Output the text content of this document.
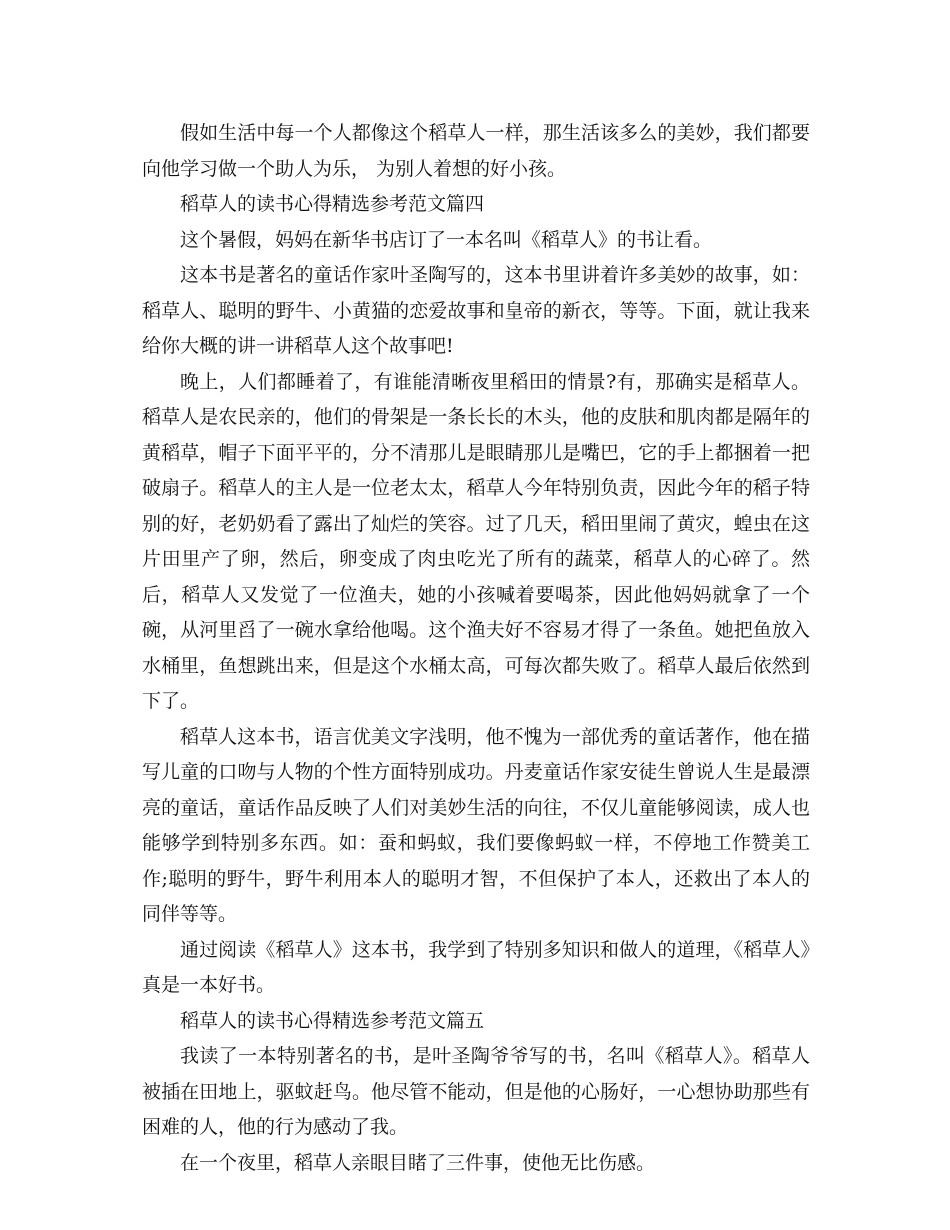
假如生活中每一个人都像这个稻草人一样，那生活该多么的美妙，我们都要向他学习做一个助人为乐， 为别人着想的好小孩。

稻草人的读书心得精选参考范文篇四

这个暑假，妈妈在新华书店订了一本名叫《稻草人》的书让看。

这本书是著名的童话作家叶圣陶写的，这本书里讲着许多美妙的故事，如：稻草人、聪明的野牛、小黄猫的恋爱故事和皇帝的新衣，等等。下面，就让我来给你大概的讲一讲稻草人这个故事吧!

晚上，人们都睡着了，有谁能清晰夜里稻田的情景?有，那确实是稻草人。稻草人是农民亲的，他们的骨架是一条长长的木头，他的皮肤和肌肉都是隔年的黄稻草，帽子下面平平的，分不清那儿是眼睛那儿是嘴巴，它的手上都捆着一把破扇子。稻草人的主人是一位老太太，稻草人今年特别负责，因此今年的稻子特别的好，老奶奶看了露出了灿烂的笑容。过了几天，稻田里闹了黄灾，蝗虫在这片田里产了卵，然后，卵变成了肉虫吃光了所有的蔬菜，稻草人的心碎了。然后，稻草人又发觉了一位渔夫，她的小孩喊着要喝茶，因此他妈妈就拿了一个碗，从河里舀了一碗水拿给他喝。这个渔夫好不容易才得了一条鱼。她把鱼放入水桶里，鱼想跳出来，但是这个水桶太高，可每次都失败了。稻草人最后依然到下了。

稻草人这本书，语言优美文字浅明，他不愧为一部优秀的童话著作，他在描写儿童的口吻与人物的个性方面特别成功。丹麦童话作家安徒生曾说人生是最漂亮的童话，童话作品反映了人们对美妙生活的向往，不仅儿童能够阅读，成人也能够学到特别多东西。如：蚕和蚂蚁，我们要像蚂蚁一样，不停地工作赞美工作;聪明的野牛，野牛利用本人的聪明才智，不但保护了本人，还救出了本人的同伴等等。

通过阅读《稻草人》这本书，我学到了特别多知识和做人的道理，《稻草人》真是一本好书。

稻草人的读书心得精选参考范文篇五

我读了一本特别著名的书，是叶圣陶爷爷写的书，名叫《稻草人》。稻草人被插在田地上，驱蚊赶鸟。他尽管不能动，但是他的心肠好，一心想协助那些有困难的人，他的行为感动了我。

在一个夜里，稻草人亲眼目睹了三件事，使他无比伤感。
